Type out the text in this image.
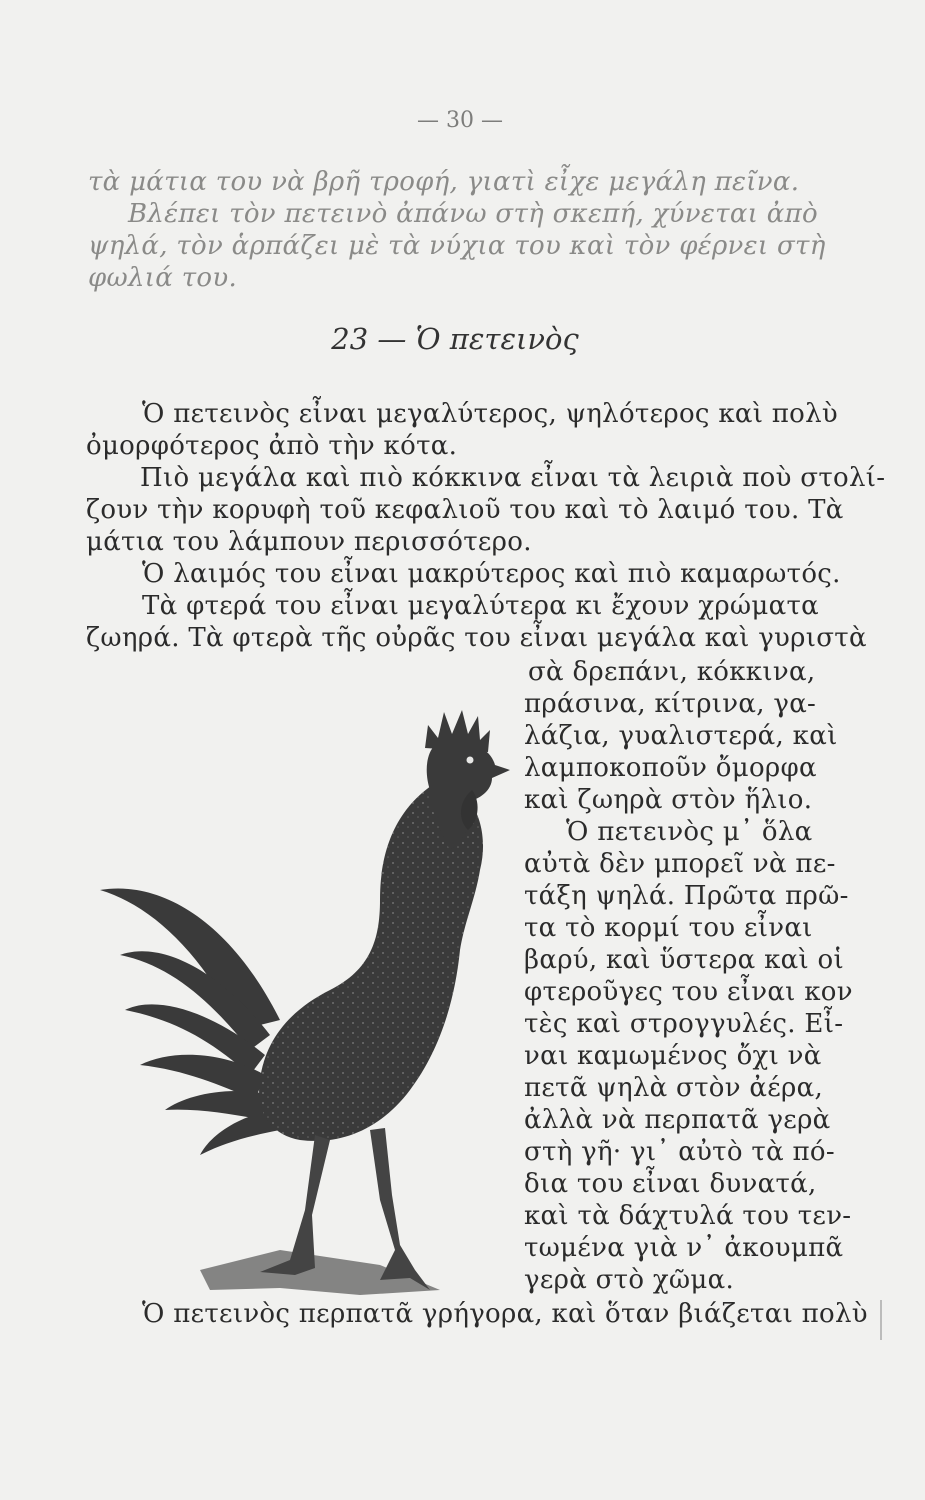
— 30 —
τὰ μάτια του νὰ βρῆ τροφή, γιατὶ εἶχε μεγάλη πεῖνα.
Βλέπει τὸν πετεινὸ ἀπάνω στὴ σκεπή, χύνεται ἀπὸ
ψηλά, τὸν ἁρπάζει μὲ τὰ νύχια του καὶ τὸν φέρνει στὴ
φωλιά του.
23 — Ὁ πετεινὸς
Ὁ πετεινὸς εἶναι μεγαλύτερος, ψηλότερος καὶ πολὺ
ὀμορφότερος ἀπὸ τὴν κότα.
Πιὸ μεγάλα καὶ πιὸ κόκκινα εἶναι τὰ λειριὰ ποὺ στολί-
ζουν τὴν κορυφὴ τοῦ κεφαλιοῦ του καὶ τὸ λαιμό του. Τὰ
μάτια του λάμπουν περισσότερο.
Ὁ λαιμός του εἶναι μακρύτερος καὶ πιὸ καμαρωτός.
Τὰ φτερά του εἶναι μεγαλύτερα κι ἔχουν χρώματα
ζωηρά. Τὰ φτερὰ τῆς οὐρᾶς του εἶναι μεγάλα καὶ γυριστὰ
σὰ δρεπάνι, κόκκινα,
πράσινα, κίτρινα, γα-
λάζια, γυαλιστερά, καὶ
λαμποκοποῦν ὄμορφα
καὶ ζωηρὰ στὸν ἥλιο.
Ὁ πετεινὸς μ᾽ ὅλα
αὐτὰ δὲν μπορεῖ νὰ πε-
τάξη ψηλά. Πρῶτα πρῶ-
τα τὸ κορμί του εἶναι
βαρύ, καὶ ὕστερα καὶ οἱ
φτεροῦγες του εἶναι κον
τὲς καὶ στρογγυλές. Εἶ-
ναι καμωμένος ὄχι νὰ
πετᾶ ψηλὰ στὸν ἀέρα,
ἀλλὰ νὰ περπατᾶ γερὰ
στὴ γῆ· γι᾽ αὐτὸ τὰ πό-
δια του εἶναι δυνατά,
καὶ τὰ δάχτυλά του τεν-
τωμένα γιὰ ν᾽ ἀκουμπᾶ
γερὰ στὸ χῶμα.
Ὁ πετεινὸς περπατᾶ γρήγορα, καὶ ὅταν βιάζεται πολὺ
